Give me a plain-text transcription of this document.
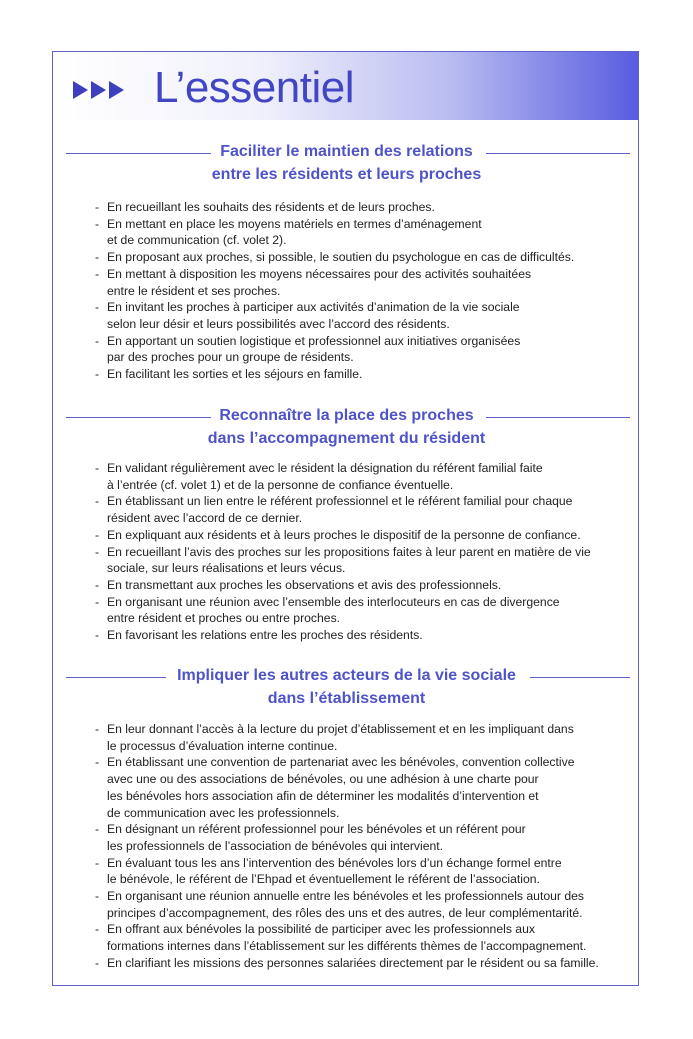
L’essentiel
Faciliter le maintien des relations
entre les résidents et leurs proches
- En recueillant les souhaits des résidents et de leurs proches.
- En mettant en place les moyens matériels en termes d’aménagement
et de communication (cf. volet 2).
- En proposant aux proches, si possible, le soutien du psychologue en cas de difficultés.
- En mettant à disposition les moyens nécessaires pour des activités souhaitées
entre le résident et ses proches.
- En invitant les proches à participer aux activités d’animation de la vie sociale
selon leur désir et leurs possibilités avec l’accord des résidents.
- En apportant un soutien logistique et professionnel aux initiatives organisées
par des proches pour un groupe de résidents.
- En facilitant les sorties et les séjours en famille.
Reconnaître la place des proches
dans l’accompagnement du résident
- En validant régulièrement avec le résident la désignation du référent familial faite
à l’entrée (cf. volet 1) et de la personne de confiance éventuelle.
- En établissant un lien entre le référent professionnel et le référent familial pour chaque
résident avec l’accord de ce dernier.
- En expliquant aux résidents et à leurs proches le dispositif de la personne de confiance.
- En recueillant l’avis des proches sur les propositions faites à leur parent en matière de vie
sociale, sur leurs réalisations et leurs vécus.
- En transmettant aux proches les observations et avis des professionnels.
- En organisant une réunion avec l’ensemble des interlocuteurs en cas de divergence
entre résident et proches ou entre proches.
- En favorisant les relations entre les proches des résidents.
Impliquer les autres acteurs de la vie sociale
dans l’établissement
- En leur donnant l’accès à la lecture du projet d’établissement et en les impliquant dans
le processus d’évaluation interne continue.
- En établissant une convention de partenariat avec les bénévoles, convention collective
avec une ou des associations de bénévoles, ou une adhésion à une charte pour
les bénévoles hors association afin de déterminer les modalités d’intervention et
de communication avec les professionnels.
- En désignant un référent professionnel pour les bénévoles et un référent pour
les professionnels de l’association de bénévoles qui intervient.
- En évaluant tous les ans l’intervention des bénévoles lors d’un échange formel entre
le bénévole, le référent de l’Ehpad et éventuellement le référent de l’association.
- En organisant une réunion annuelle entre les bénévoles et les professionnels autour des
principes d’accompagnement, des rôles des uns et des autres, de leur complémentarité.
- En offrant aux bénévoles la possibilité de participer avec les professionnels aux
formations internes dans l’établissement sur les différents thèmes de l’accompagnement.
- En clarifiant les missions des personnes salariées directement par le résident ou sa famille.
